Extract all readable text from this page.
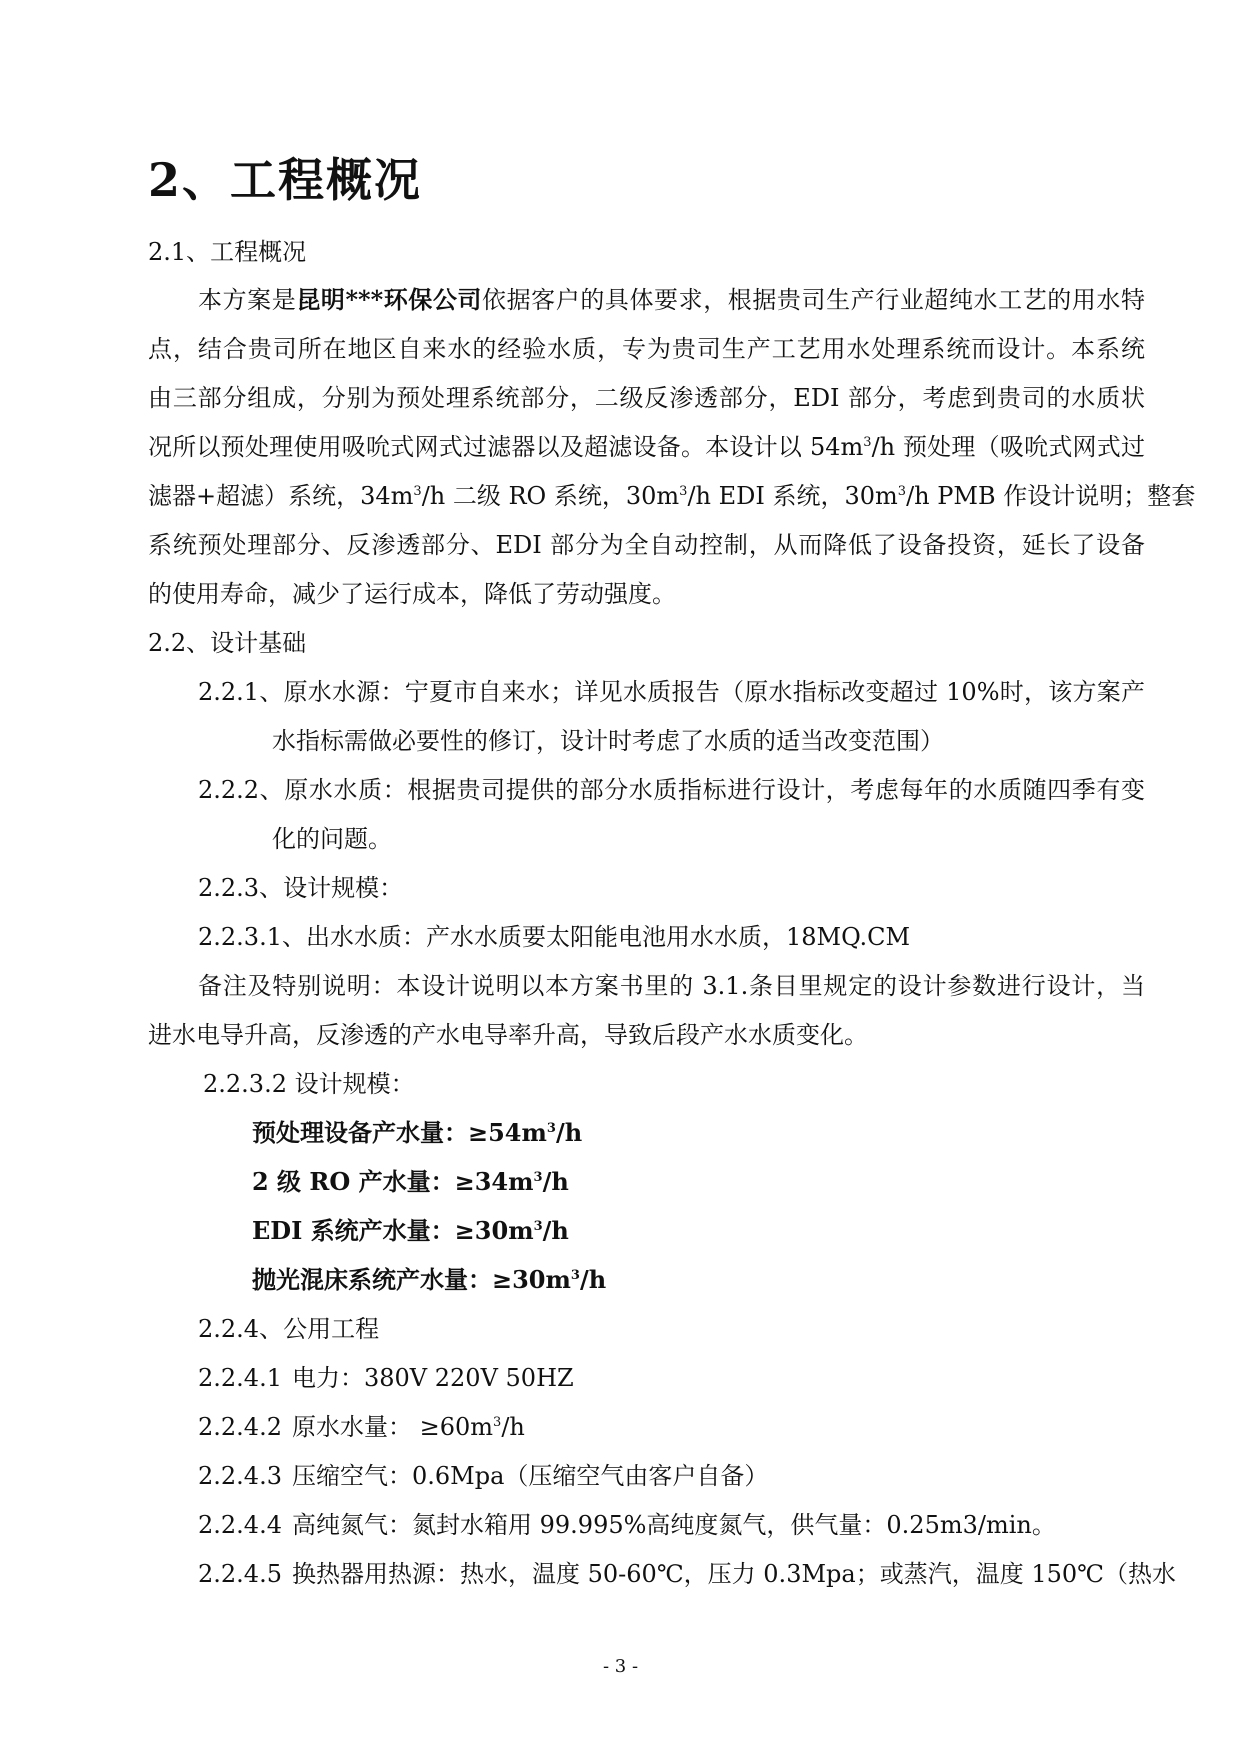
2、工程概况
2.1、工程概况
本方案是昆明***环保公司依据客户的具体要求，根据贵司生产行业超纯水工艺的用水特
点，结合贵司所在地区自来水的经验水质，专为贵司生产工艺用水处理系统而设计。本系统
由三部分组成，分别为预处理系统部分，二级反渗透部分，EDI 部分，考虑到贵司的水质状
况所以预处理使用吸吮式网式过滤器以及超滤设备。本设计以 $54m^3/h$ 预处理（吸吮式网式过
滤器+超滤）系统，$34m^3/h$ 二级 RO 系统，$30m^3/h$ EDI 系统，$30m^3/h$ PMB 作设计说明；整套
系统预处理部分、反渗透部分、EDI 部分为全自动控制，从而降低了设备投资，延长了设备
的使用寿命，减少了运行成本，降低了劳动强度。
2.2、设计基础
2.2.1、原水水源：宁夏市自来水；详见水质报告（原水指标改变超过 10%时，该方案产
水指标需做必要性的修订，设计时考虑了水质的适当改变范围）
2.2.2、原水水质：根据贵司提供的部分水质指标进行设计，考虑每年的水质随四季有变
化的问题。
2.2.3、设计规模：
2.2.3.1、出水水质：产水水质要太阳能电池用水水质，18MQ.CM
备注及特别说明：本设计说明以本方案书里的 3.1.条目里规定的设计参数进行设计，当
进水电导升高，反渗透的产水电导率升高，导致后段产水水质变化。
2.2.3.2 设计规模：
预处理设备产水量：$\ge 54m^3/h$
2 级 RO 产水量：$\ge 34m^3/h$
EDI 系统产水量：$\ge 30m^3/h$
抛光混床系统产水量：$\ge 30m^3/h$
2.2.4、公用工程
2.2.4.1 电力：380V 220V 50HZ
2.2.4.2 原水水量： $\ge 60m^3/h$
2.2.4.3 压缩空气：0.6Mpa（压缩空气由客户自备）
2.2.4.4 高纯氮气：氮封水箱用 99.995%高纯度氮气，供气量：0.25m3/min。
2.2.4.5 换热器用热源：热水，温度 50-60℃，压力 0.3Mpa；或蒸汽，温度 150℃（热水
- 3 -
